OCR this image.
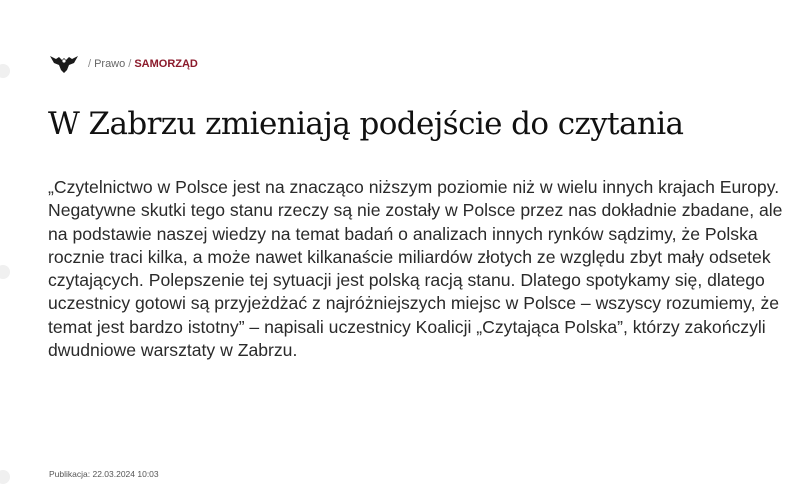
/ Prawo / SAMORZĄD
W Zabrzu zmieniają podejście do czytania

„Czytelnictwo w Polsce jest na znacząco niższym poziomie niż w wielu innych krajach Europy. Negatywne skutki tego stanu rzeczy są nie zostały w Polsce przez nas dokładnie zbadane, ale na podstawie naszej wiedzy na temat badań o analizach innych rynków sądzimy, że Polska rocznie traci kilka, a może nawet kilkanaście miliardów złotych ze względu zbyt mały odsetek czytających. Polepszenie tej sytuacji jest polską racją stanu. Dlatego spotykamy się, dlatego uczestnicy gotowi są przyjeżdżać z najróżniejszych miejsc w Polsce – wszyscy rozumiemy, że temat jest bardzo istotny” – napisali uczestnicy Koalicji „Czytająca Polska”, którzy zakończyli dwudniowe warsztaty w Zabrzu.

Publikacja: 22.03.2024 10:03
